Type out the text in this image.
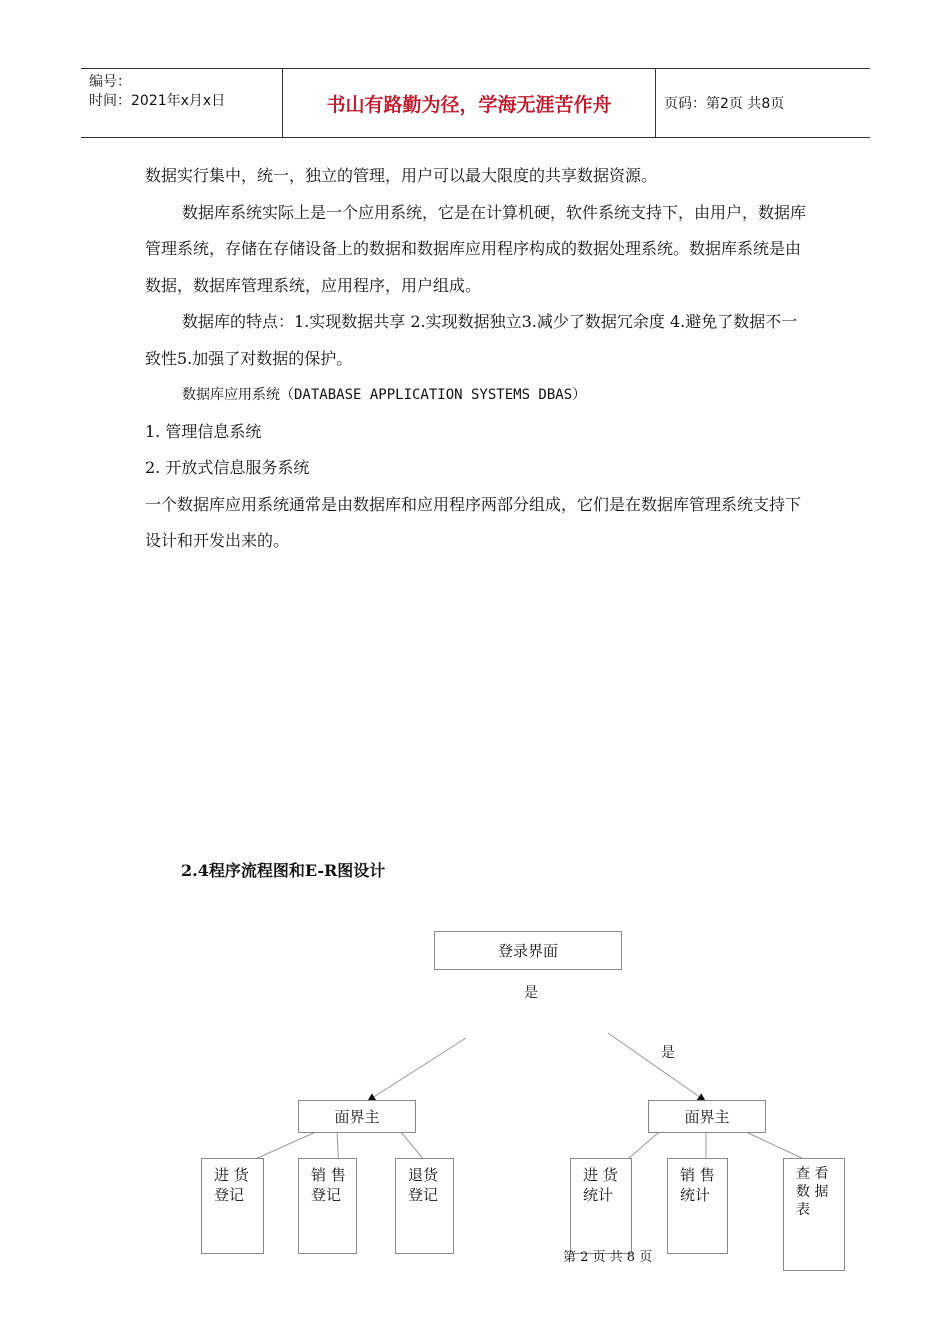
编号：
时间：2021年x月x日	书山有路勤为径，学海无涯苦作舟	页码：第2页 共8页

数据实行集中，统一，独立的管理，用户可以最大限度的共享数据资源。

数据库系统实际上是一个应用系统，它是在计算机硬，软件系统支持下，由用户，数据库管理系统，存储在存储设备上的数据和数据库应用程序构成的数据处理系统。数据库系统是由数据，数据库管理系统，应用程序，用户组成。

数据库的特点：1.实现数据共享 2.实现数据独立3.减少了数据冗余度 4.避免了数据不一致性5.加强了对数据的保护。

数据库应用系统（DATABASE APPLICATION SYSTEMS DBAS）

1. 管理信息系统

2. 开放式信息服务系统

一个数据库应用系统通常是由数据库和应用程序两部分组成，它们是在数据库管理系统支持下设计和开发出来的。

2.4程序流程图和E-R图设计
登录界面
是
是
面界主	面界主
进 货
登记
销 售
登记
退货
登记
进 货
统计
销 售
统计
查 看
数 据
表
第 2 页 共 8 页
